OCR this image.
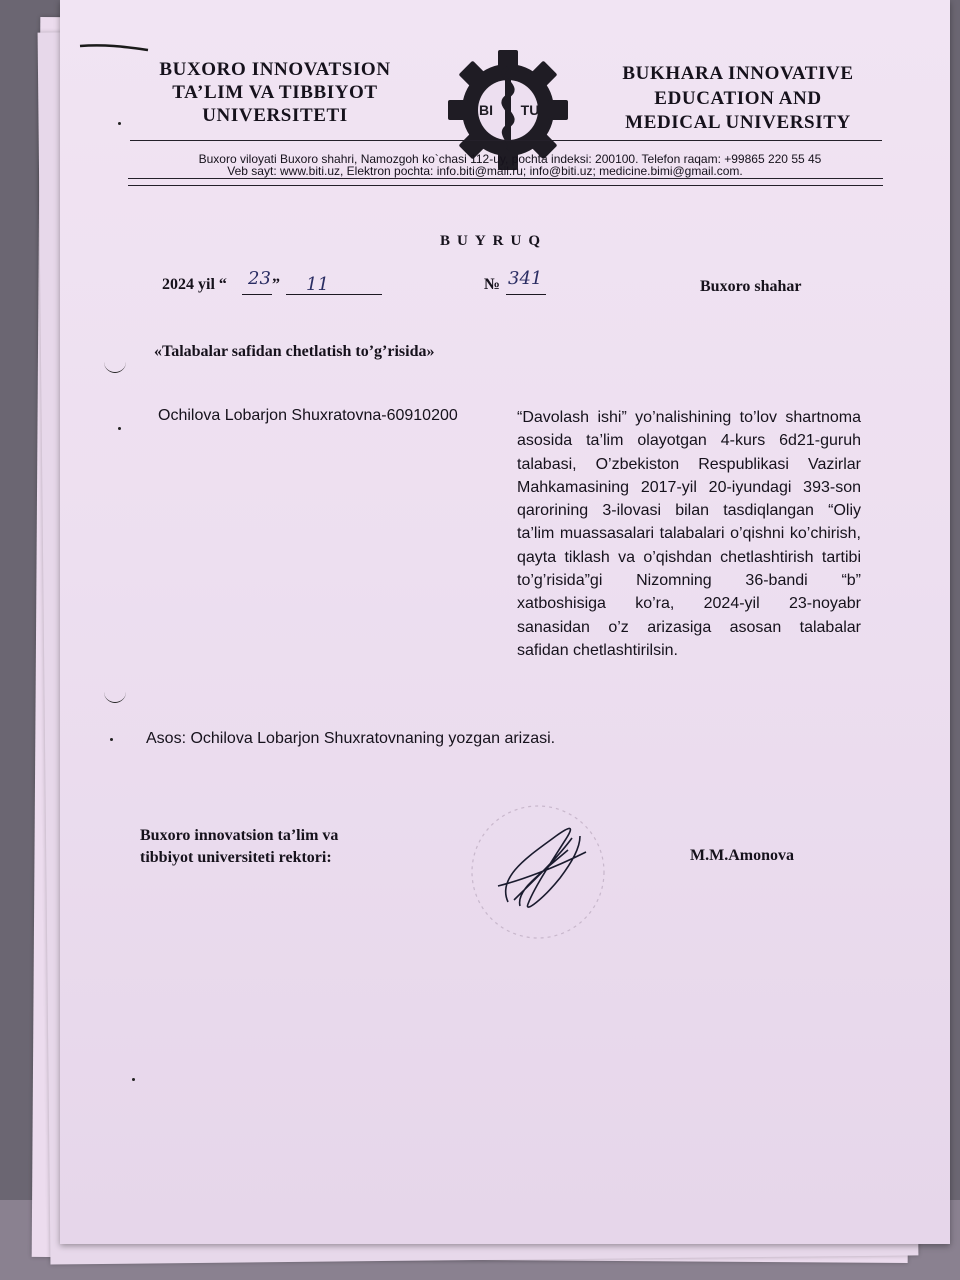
BUXORO INNOVATSION
TA’LIM VA TIBBIYOT
UNIVERSITETI	BI TU
BUKHARA INNOVATIVE
EDUCATION AND
MEDICAL UNIVERSITY
Buxoro viloyati Buxoro shahri, Namozgoh ko`chasi 112-uy, pochta indeksi: 200100. Telefon raqam: +99865 220 55 45
Veb sayt: www.biti.uz, Elektron pochta: info.biti@mail.ru; info@biti.uz; medicine.bimi@gmail.com.
BUYRUQ
2024 yil “ 23 ” 11	№ 341	Buxoro shahar
«Talabalar safidan chetlatish to’g’risida»
Ochilova Lobarjon Shuxratovna-60910200	“Davolash ishi” yo’nalishining to’lov shartnoma asosida ta’lim olayotgan 4-kurs 6d21-guruh talabasi, O’zbekiston Respublikasi Vazirlar Mahkamasining 2017-yil 20-iyundagi 393-son qarorining 3-ilovasi bilan tasdiqlangan “Oliy ta’lim muassasalari talabalari o’qishni ko’chirish, qayta tiklash va o’qishdan chetlashtirish tartibi to’g’risida”gi Nizomning 36-bandi “b” xatboshisiga ko’ra, 2024-yil 23-noyabr sanasidan o’z arizasiga asosan talabalar safidan chetlashtirilsin.
Asos: Ochilova Lobarjon Shuxratovnaning yozgan arizasi.
Buxoro innovatsion ta’lim va
tibbiyot universiteti rektori:	M.M.Amonova
